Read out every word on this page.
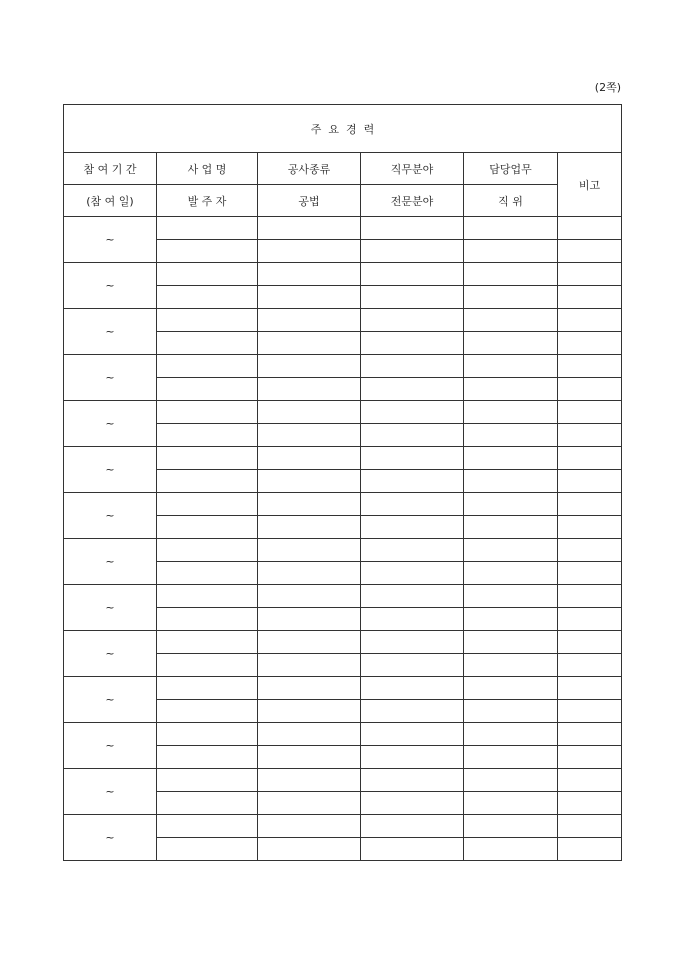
(2쪽)
주  요  경  력					
참 여 기 간	사 업 명	공사종류	직무분야	담당업무	비고
(참 여 일)	발 주 자	공법	전문분야	직 위	
~					

~					

~					

~					

~					

~					

~					

~					

~					

~					

~					

~					

~					

~					
